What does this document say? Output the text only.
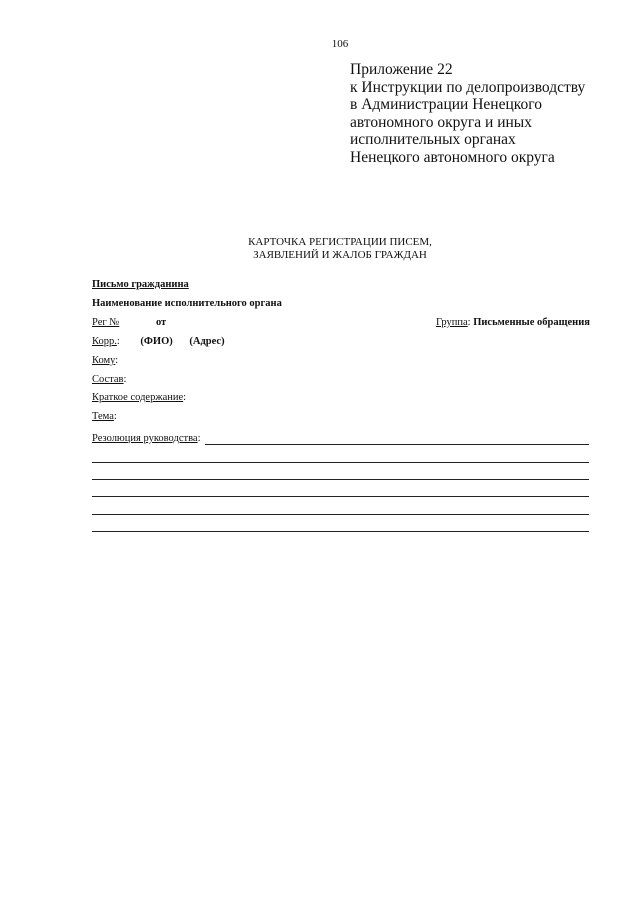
106
Приложение 22
к Инструкции по делопроизводству
в Администрации Ненецкого
автономного округа и иных
исполнительных органах
Ненецкого автономного округа
КАРТОЧКА РЕГИСТРАЦИИ ПИСЕМ,
ЗАЯВЛЕНИЙ И ЖАЛОБ ГРАЖДАН
Письмо гражданина
Наименование исполнительного органа
Рег №	от	Группа: Письменные обращения
Корр.: (ФИО) (Адрес)
Кому:
Состав:
Краткое содержание:
Тема:
Резолюция руководства:
